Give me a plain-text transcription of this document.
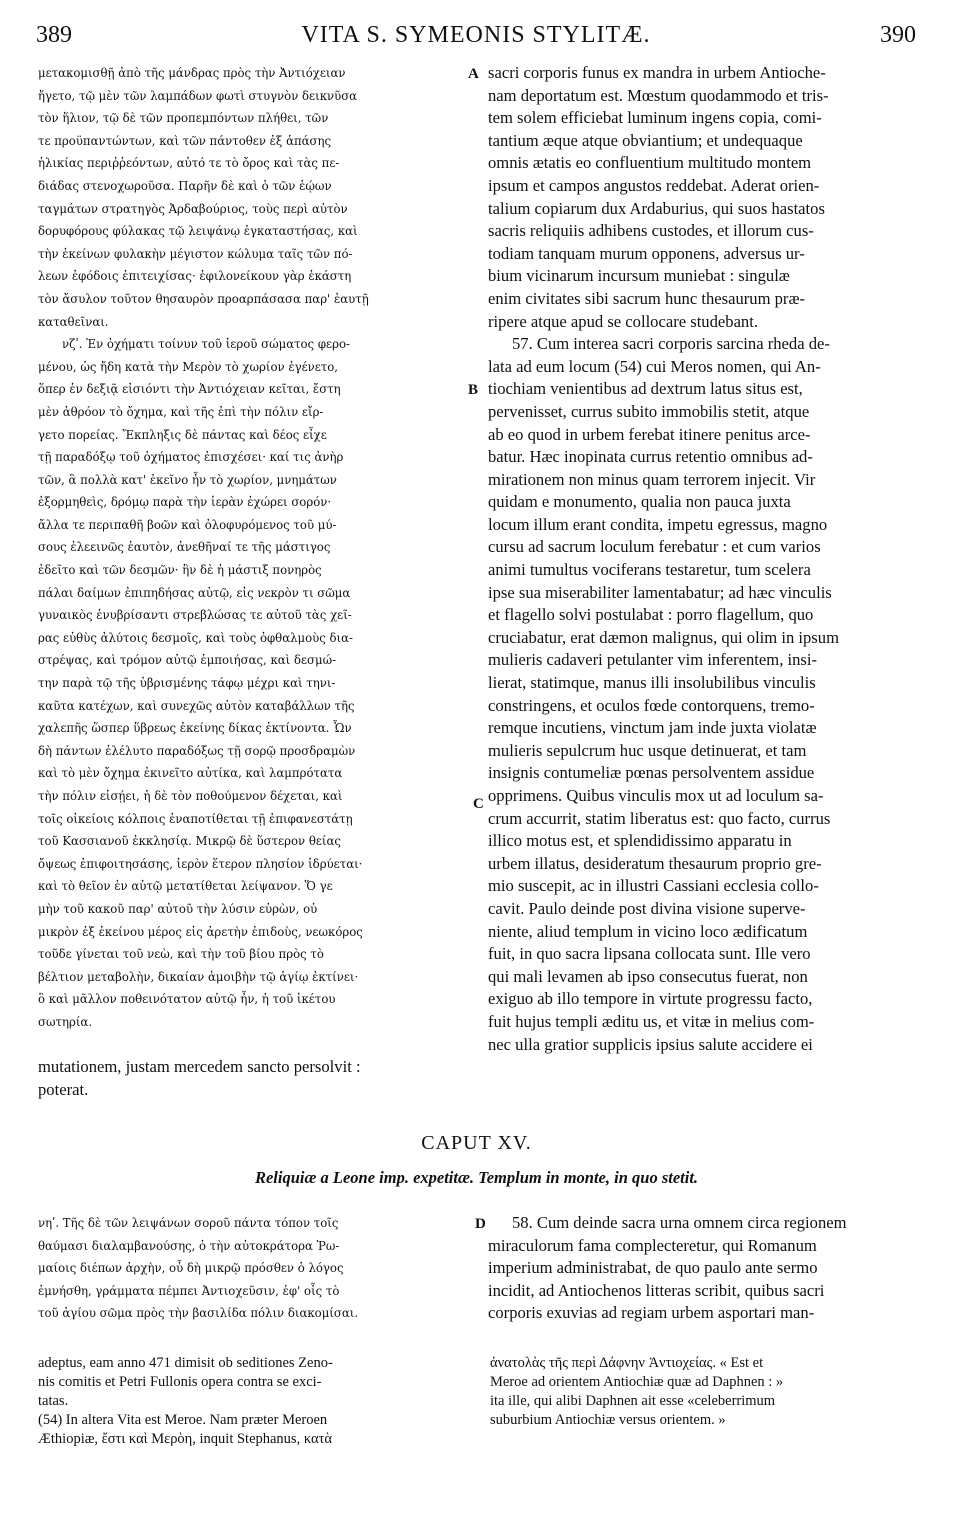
389	VITA S. SYMEONIS STYLITÆ.	390
μετακομισθῇ ἀπὸ τῆς μάνδρας πρὸς τὴν Ἀντιόχειαν
ἤγετο, τῷ μὲν τῶν λαμπάδων φωτὶ στυγνὸν δεικνῦσα
τὸν ἥλιον, τῷ δὲ τῶν προπεμπόντων πλήθει, τῶν
τε προϋπαντώντων, καὶ τῶν πάντοθεν ἐξ ἁπάσης
ἡλικίας περιῤῥεόντων, αὐτό τε τὸ ὄρος καὶ τὰς πε-
διάδας στενοχωροῦσα. Παρῆν δὲ καὶ ὁ τῶν ἑῴων
ταγμάτων στρατηγὸς Ἀρδαβούριος, τοὺς περὶ αὐτὸν
δορυφόρους φύλακας τῷ λειψάνῳ ἐγκαταστήσας, καὶ
τὴν ἐκείνων φυλακὴν μέγιστον κώλυμα ταῖς τῶν πό-
λεων ἐφόδοις ἐπιτειχίσας· ἐφιλονείκουν γὰρ ἑκάστη
τὸν ἄσυλον τοῦτον θησαυρὸν προαρπάσασα παρ' ἑαυτῇ
καταθεῖναι.
νζʹ. Ἐν ὀχήματι τοίνυν τοῦ ἱεροῦ σώματος φερο-
μένου, ὡς ἤδη κατὰ τὴν Μερὸν τὸ χωρίον ἐγένετο,
ὅπερ ἐν δεξιᾷ εἰσιόντι τὴν Ἀντιόχειαν κεῖται, ἔστη
μὲν ἀθρόον τὸ ὄχημα, καὶ τῆς ἐπὶ τὴν πόλιν εἴρ-
γετο πορείας. Ἔκπληξις δὲ πάντας καὶ δέος εἶχε
τῇ παραδόξῳ τοῦ ὀχήματος ἐπισχέσει· καί τις ἀνὴρ
τῶν, ἃ πολλὰ κατ' ἐκεῖνο ἦν τὸ χωρίον, μνημάτων
ἐξορμηθεὶς, δρόμῳ παρὰ τὴν ἱερὰν ἐχώρει σορόν·
ἄλλα τε περιπαθῆ βοῶν καὶ ὀλοφυρόμενος τοῦ μύ-
σους ἐλεεινῶς ἑαυτὸν, ἀνεθῆναί τε τῆς μάστιγος
ἐδεῖτο καὶ τῶν δεσμῶν· ἣν δὲ ἡ μάστιξ πονηρὸς
πάλαι δαίμων ἐπιπηδήσας αὐτῷ, εἰς νεκρὸν τι σῶμα
γυναικὸς ἐνυβρίσαντι στρεβλώσας τε αὐτοῦ τὰς χεῖ-
ρας εὐθὺς ἀλύτοις δεσμοῖς, καὶ τοὺς ὀφθαλμοὺς δια-
στρέψας, καὶ τρόμον αὐτῷ ἐμποιήσας, καὶ δεσμώ-
την παρὰ τῷ τῆς ὑβρισμένης τάφῳ μέχρι καὶ τηνι-
καῦτα κατέχων, καὶ συνεχῶς αὐτὸν καταβάλλων τῆς
χαλεπῆς ὥσπερ ὕβρεως ἐκείνης δίκας ἐκτίνοντα. Ὧν
δὴ πάντων ἐλέλυτο παραδόξως τῇ σορῷ προσδραμὼν
καὶ τὸ μὲν ὄχημα ἐκινεῖτο αὐτίκα, καὶ λαμπρότατα
τὴν πόλιν εἰσῄει, ἡ δὲ τὸν ποθούμενον δέχεται, καὶ
τοῖς οἰκείοις κόλποις ἐναποτίθεται τῇ ἐπιφανεστάτῃ
τοῦ Κασσιανοῦ ἐκκλησίᾳ. Μικρῷ δὲ ὕστερον θείας
ὄψεως ἐπιφοιτησάσης, ἱερὸν ἕτερον πλησίον ἱδρύεται·
καὶ τὸ θεῖον ἐν αὐτῷ μετατίθεται λείψανον. Ὅ γε
μὴν τοῦ κακοῦ παρ' αὐτοῦ τὴν λύσιν εὑρὼν, οὐ
μικρὸν ἐξ ἐκείνου μέρος εἰς ἀρετὴν ἐπιδοὺς, νεωκόρος
τοῦδε γίνεται τοῦ νεὼ, καὶ τὴν τοῦ βίου πρὸς τὸ
βέλτιον μεταβολὴν, δικαίαν ἀμοιβὴν τῷ ἁγίῳ ἐκτίνει·
ὃ καὶ μᾶλλον ποθεινότατον αὐτῷ ἦν, ἡ τοῦ ἱκέτου
σωτηρία.
sacri corporis funus ex mandra in urbem Antioche-
nam deportatum est. Mœstum quodammodo et tris-
tem solem efficiebat luminum ingens copia, comi-
tantium æque atque obviantium; et undequaque
omnis ætatis eo confluentium multitudo montem
ipsum et campos angustos reddebat. Aderat orien-
talium copiarum dux Ardaburius, qui suos hastatos
sacris reliquiis adhibens custodes, et illorum cus-
todiam tanquam murum opponens, adversus ur-
bium vicinarum incursum muniebat : singulæ
enim civitates sibi sacrum hunc thesaurum præ-
ripere atque apud se collocare studebant.
57. Cum interea sacri corporis sarcina rheda de-
lata ad eum locum (54) cui Meros nomen, qui An-
tiochiam venientibus ad dextrum latus situs est,
pervenisset, currus subito immobilis stetit, atque
ab eo quod in urbem ferebat itinere penitus arce-
batur. Hæc inopinata currus retentio omnibus ad-
mirationem non minus quam terrorem injecit. Vir
quidam e monumento, qualia non pauca juxta
locum illum erant condita, impetu egressus, magno
cursu ad sacrum loculum ferebatur : et cum varios
animi tumultus vociferans testaretur, tum scelera
ipse sua miserabiliter lamentabatur; ad hæc vinculis
et flagello solvi postulabat : porro flagellum, quo
cruciabatur, erat dæmon malignus, qui olim in ipsum
mulieris cadaveri petulanter vim inferentem, insi-
lierat, statimque, manus illi insolubilibus vinculis
constringens, et oculos fœde contorquens, tremo-
remque incutiens, vinctum jam inde juxta violatæ
mulieris sepulcrum huc usque detinuerat, et tam
insignis contumeliæ pœnas persolventem assidue
opprimens. Quibus vinculis mox ut ad loculum sa-
crum accurrit, statim liberatus est: quo facto, currus
illico motus est, et splendidissimo apparatu in
urbem illatus, desideratum thesaurum proprio gre-
mio suscepit, ac in illustri Cassiani ecclesia collo-
cavit. Paulo deinde post divina visione superve-
niente, aliud templum in vicino loco ædificatum
fuit, in quo sacra lipsana collocata sunt. Ille vero
qui mali levamen ab ipso consecutus fuerat, non
exiguo ab illo tempore in virtute progressu facto,
fuit hujus templi æditu us, et vitæ in melius com-
nec ulla gratior supplicis ipsius salute accidere ei
A
B
C
D
mutationem, justam mercedem sancto persolvit :
poterat.
CAPUT XV.
Reliquiæ a Leone imp. expetitæ. Templum in monte, in quo stetit.
νηʹ. Τῆς δὲ τῶν λειψάνων σοροῦ πάντα τόπον τοῖς
θαύμασι διαλαμβανούσης, ὁ τὴν αὐτοκράτορα Ῥω-
μαίοις διέπων ἀρχὴν, οὗ δὴ μικρῷ πρόσθεν ὁ λόγος
ἐμνήσθη, γράμματα πέμπει Ἀντιοχεῦσιν, ἐφ' οἷς τὸ
τοῦ ἁγίου σῶμα πρὸς τὴν βασιλίδα πόλιν διακομίσαι.
58. Cum deinde sacra urna omnem circa regionem
miraculorum fama complecteretur, qui Romanum
imperium administrabat, de quo paulo ante sermo
incidit, ad Antiochenos litteras scribit, quibus sacri
corporis exuvias ad regiam urbem asportari man-
adeptus, eam anno 471 dimisit ob seditiones Zeno-
nis comitis et Petri Fullonis opera contra se exci-
tatas.
(54) In altera Vita est Meroe. Nam præter Meroen
Æthiopiæ, ἔστι καὶ Μερὸη, inquit Stephanus, κατὰ
ἀνατολὰς τῆς περὶ Δάφνην Ἀντιοχείας. « Est et
Meroe ad orientem Antiochiæ quæ ad Daphnen : »
ita ille, qui alibi Daphnen ait esse «celeberrimum
suburbium Antiochiæ versus orientem. »
